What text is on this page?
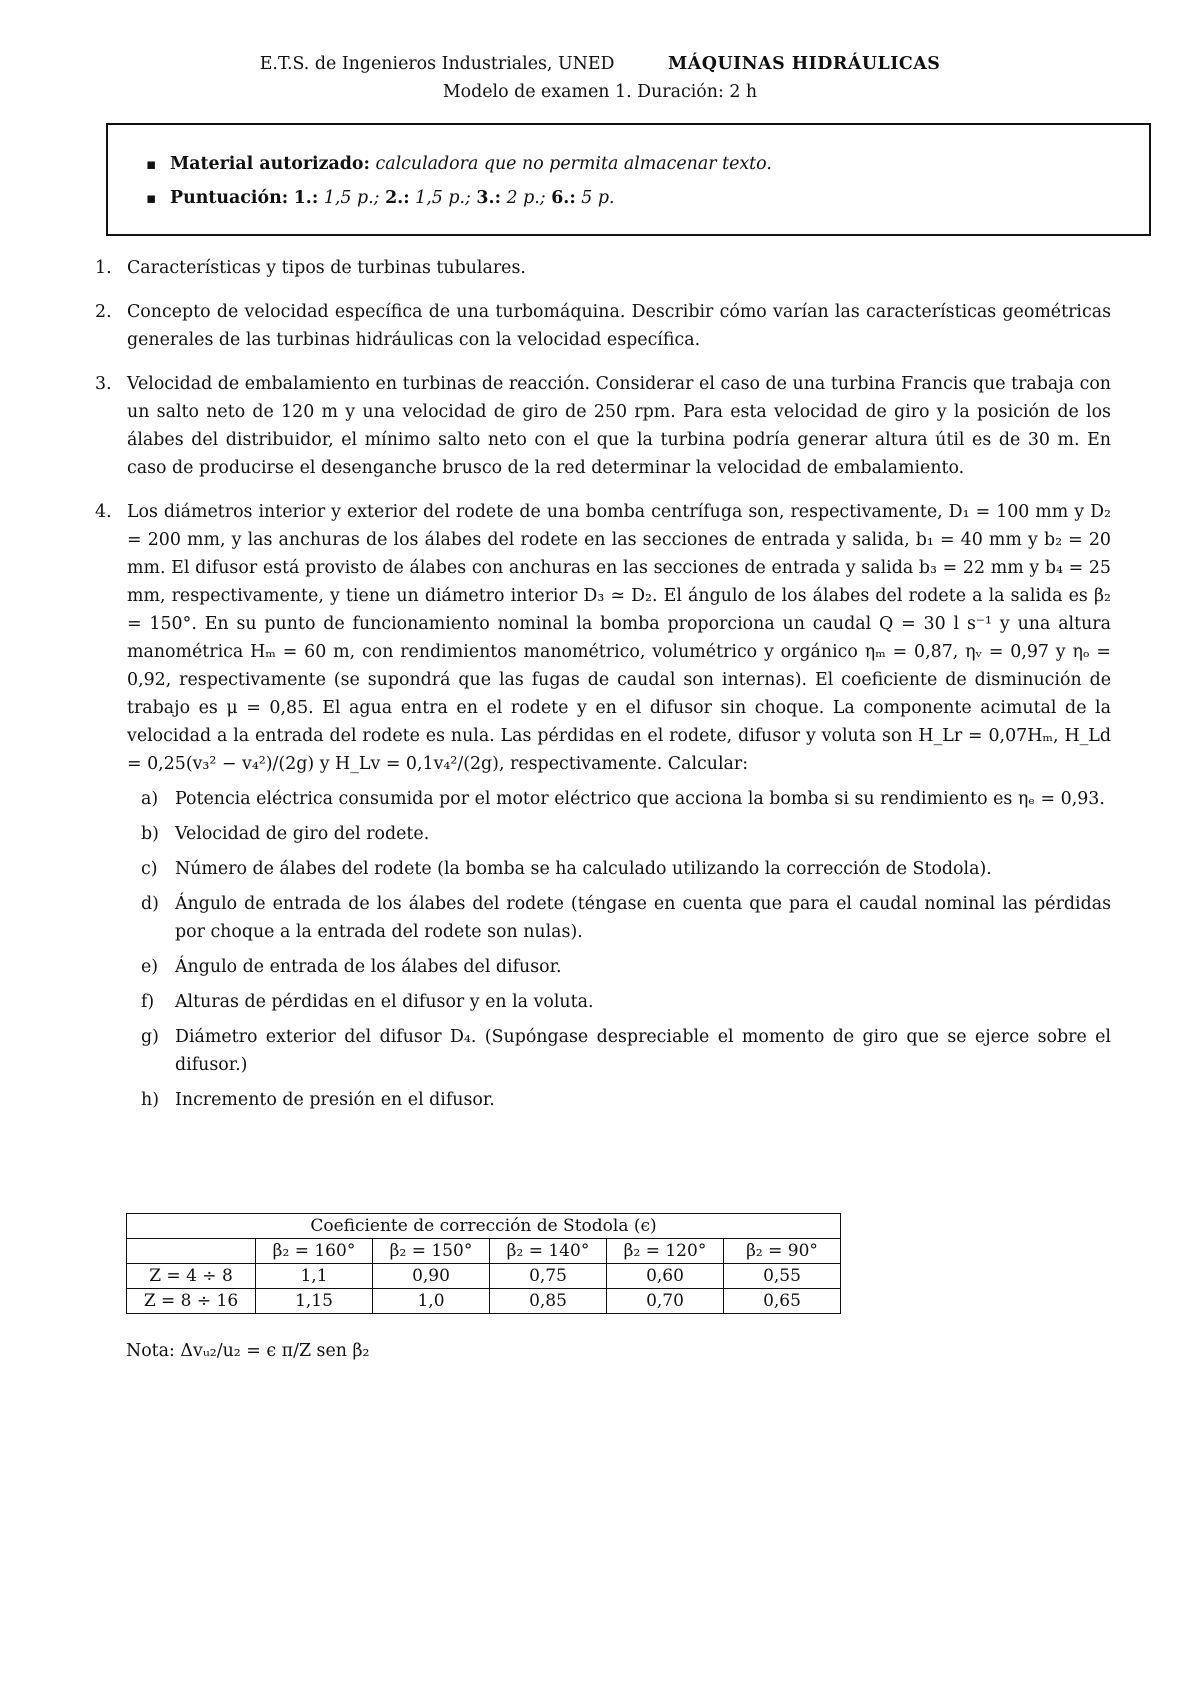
E.T.S. de Ingenieros Industriales, UNED	MÁQUINAS HIDRÁULICAS
Modelo de examen 1. Duración: 2 h
▪ Material autorizado: calculadora que no permita almacenar texto.
▪ Puntuación: 1.: 1,5 p.; 2.: 1,5 p.; 3.: 2 p.; 6.: 5 p.
1. Características y tipos de turbinas tubulares.
2. Concepto de velocidad específica de una turbomáquina. Describir cómo varían las características geométricas generales de las turbinas hidráulicas con la velocidad específica.
3. Velocidad de embalamiento en turbinas de reacción. Considerar el caso de una turbina Francis que trabaja con un salto neto de 120 m y una velocidad de giro de 250 rpm. Para esta velocidad de giro y la posición de los álabes del distribuidor, el mínimo salto neto con el que la turbina podría generar altura útil es de 30 m. En caso de producirse el desenganche brusco de la red determinar la velocidad de embalamiento.
4. Los diámetros interior y exterior del rodete de una bomba centrífuga son, respectivamente, D₁ = 100 mm y D₂ = 200 mm, y las anchuras de los álabes del rodete en las secciones de entrada y salida, b₁ = 40 mm y b₂ = 20 mm. El difusor está provisto de álabes con anchuras en las secciones de entrada y salida b₃ = 22 mm y b₄ = 25 mm, respectivamente, y tiene un diámetro interior D₃ ≃ D₂. El ángulo de los álabes del rodete a la salida es β₂ = 150°. En su punto de funcionamiento nominal la bomba proporciona un caudal Q = 30 l s⁻¹ y una altura manométrica Hₘ = 60 m, con rendimientos manométrico, volumétrico y orgánico ηₘ = 0,87, ηᵥ = 0,97 y ηₒ = 0,92, respectivamente (se supondrá que las fugas de caudal son internas). El coeficiente de disminución de trabajo es μ = 0,85. El agua entra en el rodete y en el difusor sin choque. La componente acimutal de la velocidad a la entrada del rodete es nula. Las pérdidas en el rodete, difusor y voluta son H_Lr = 0,07Hₘ, H_Ld = 0,25(v₃² − v₄²)/(2g) y H_Lv = 0,1v₄²/(2g), respectivamente. Calcular:
a) Potencia eléctrica consumida por el motor eléctrico que acciona la bomba si su rendimiento es ηₑ = 0,93.
b) Velocidad de giro del rodete.
c) Número de álabes del rodete (la bomba se ha calculado utilizando la corrección de Stodola).
d) Ángulo de entrada de los álabes del rodete (téngase en cuenta que para el caudal nominal las pérdidas por choque a la entrada del rodete son nulas).
e) Ángulo de entrada de los álabes del difusor.
f) Alturas de pérdidas en el difusor y en la voluta.
g) Diámetro exterior del difusor D₄. (Supóngase despreciable el momento de giro que se ejerce sobre el difusor.)
h) Incremento de presión en el difusor.
Coeficiente de corrección de Stodola (ϵ)					
	β₂ = 160°	β₂ = 150°	β₂ = 140°	β₂ = 120°	β₂ = 90°
Z = 4 ÷ 8	1,1	0,90	0,75	0,60	0,55
Z = 8 ÷ 16	1,15	1,0	0,85	0,70	0,65
Nota: Δvᵤ₂/u₂ = ϵ π/Z sen β₂
